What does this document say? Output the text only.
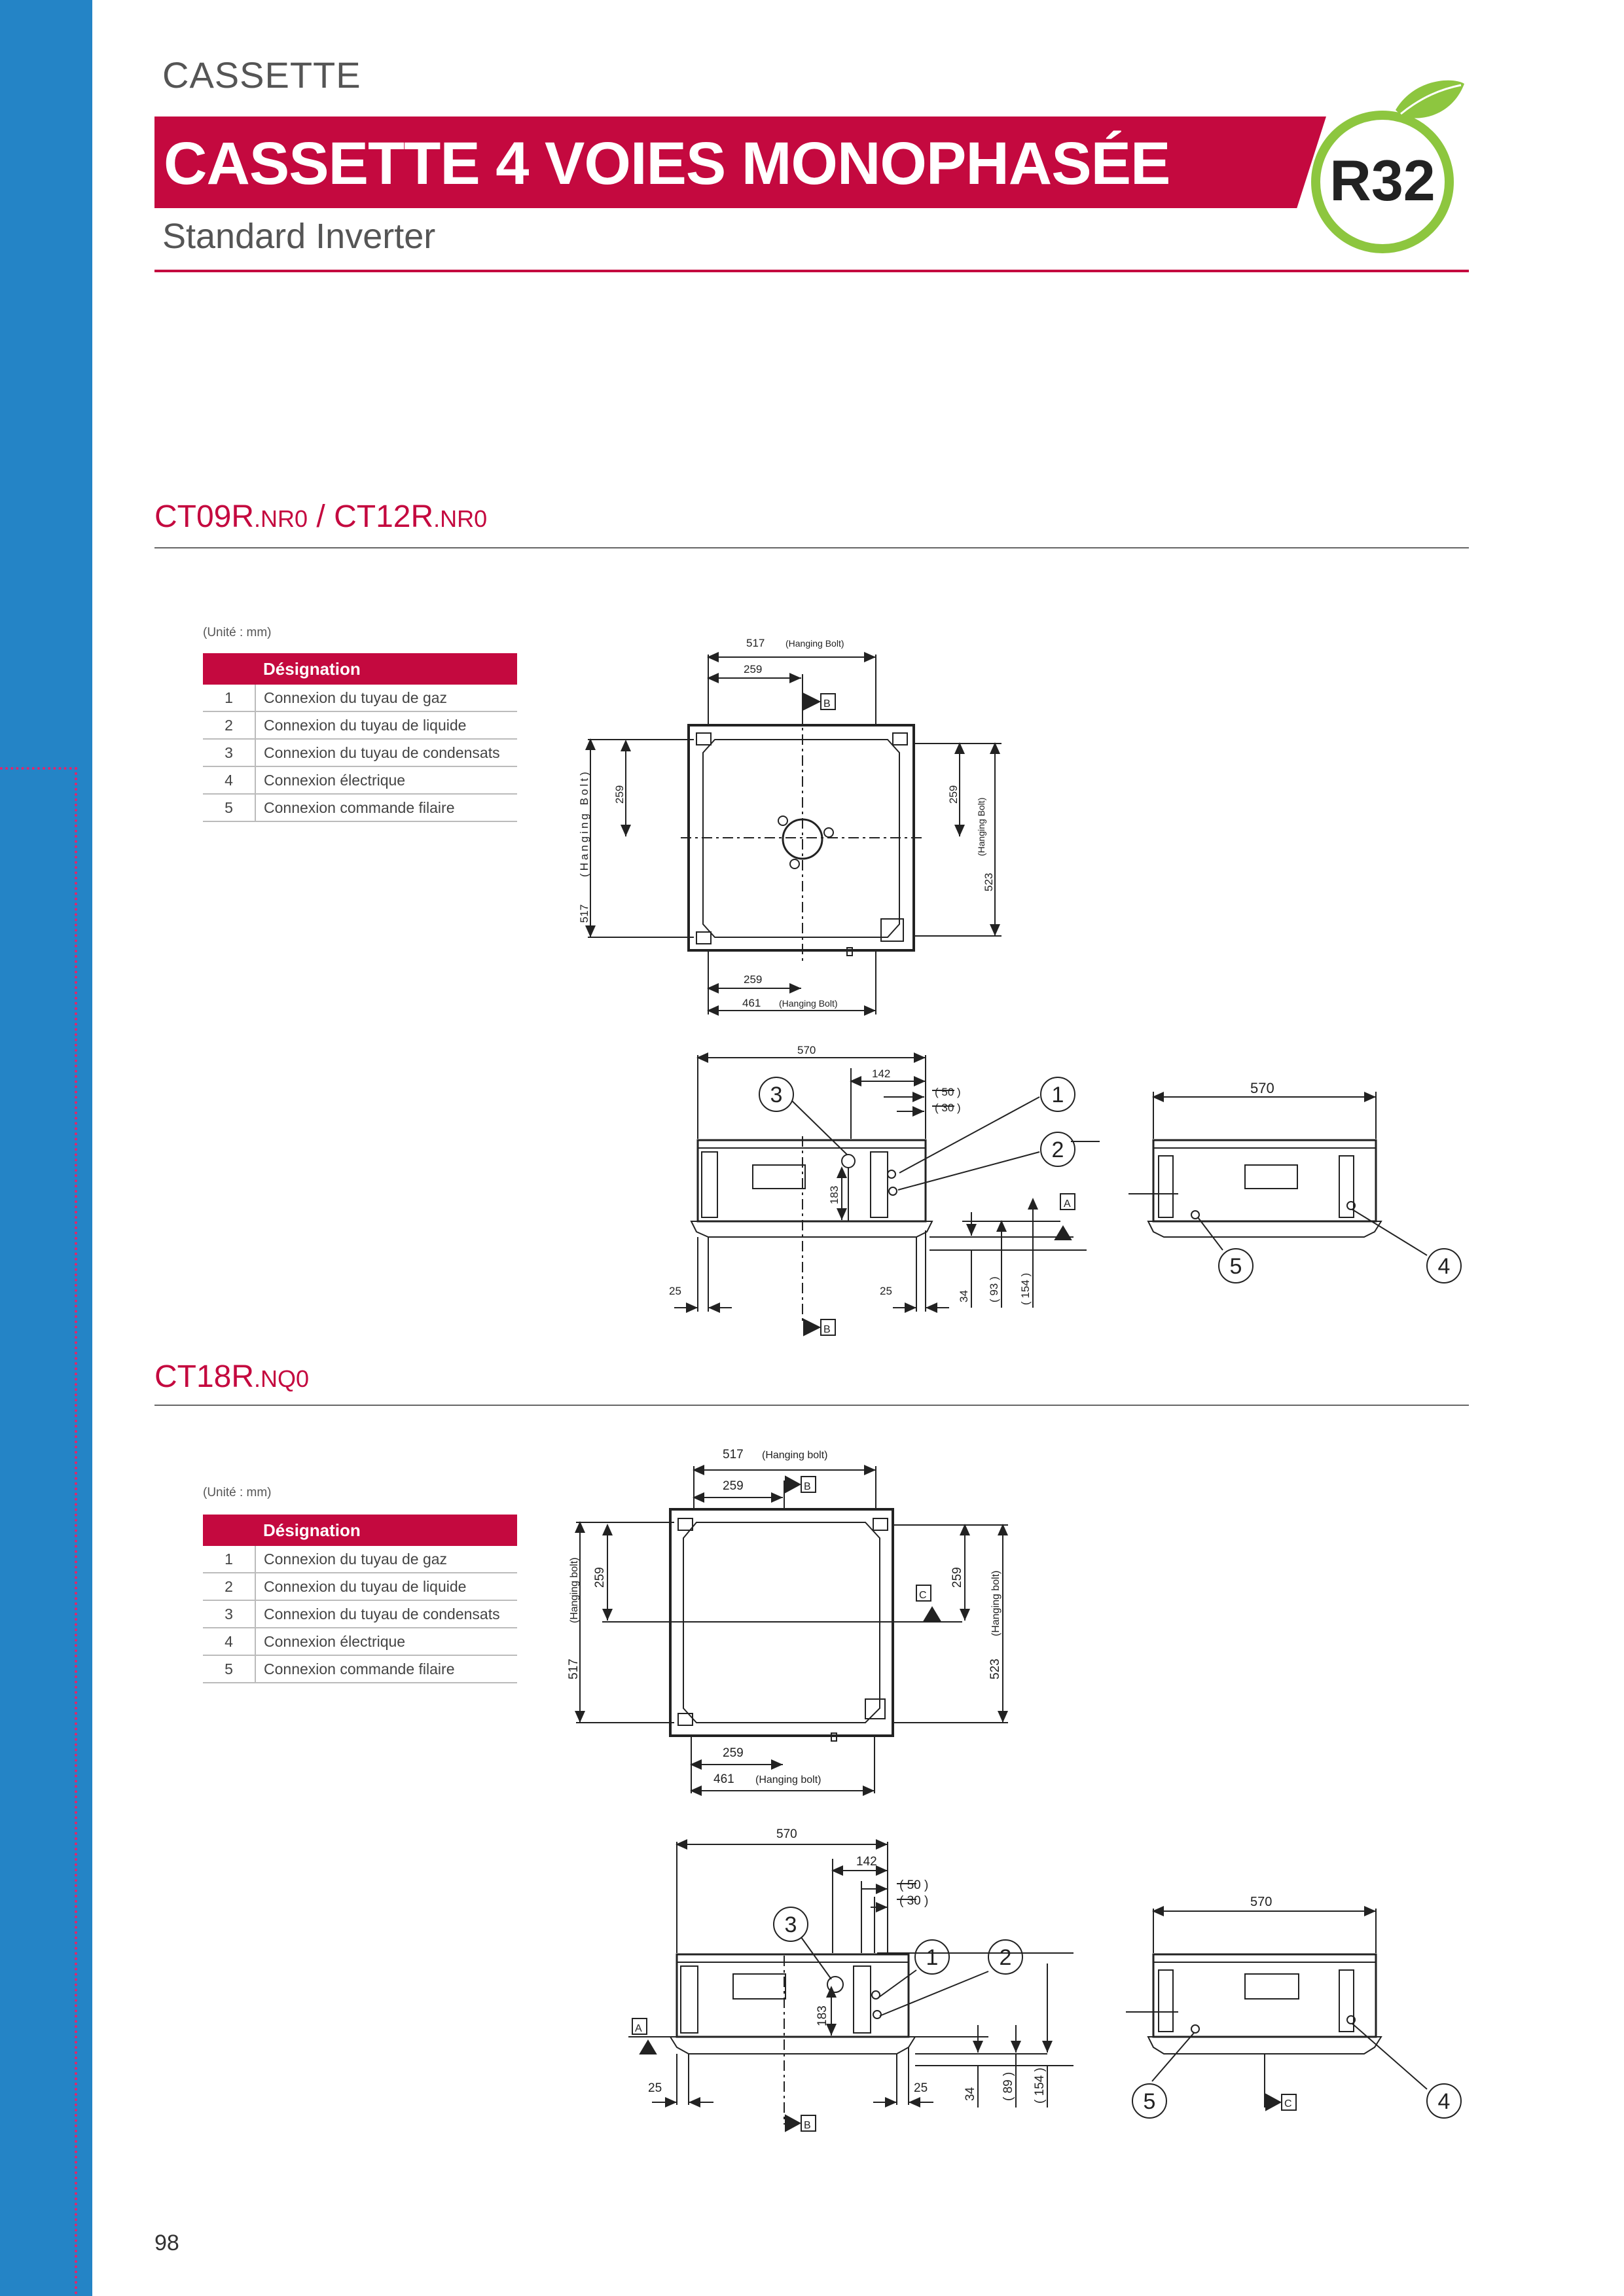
CASSETTE
CASSETTE 4 VOIES MONOPHASÉE
Standard Inverter
R32
CT09R.NR0 / CT12R.NR0
(Unité : mm)
	Désignation
1	Connexion du tuyau de gaz
2	Connexion du tuyau de liquide
3	Connexion du tuyau de condensats
4	Connexion électrique
5	Connexion commande filaire
CT18R.NQ0
(Unité : mm)
	Désignation
1	Connexion du tuyau de gaz
2	Connexion du tuyau de liquide
3	Connexion du tuyau de condensats
4	Connexion électrique
5	Connexion commande filaire
517 (Hanging Bolt)
259
B
517
(Hanging Bolt) 259	259
(Hanging Bolt)
523
259
461 (Hanging Bolt)
570
142
( 50 )
( 30 )
183
25	25	34 ( 93 ) ( 154 )
A
B
3	1
2
570
5	4
517 (Hanging bolt)
259	B
517
(Hanging bolt) 259	259	(Hanging bolt)
523
C
259
461 (Hanging bolt)
570
142
( 50 )
( 30 )
183
25	25	34 ( 89 ) ( 154 )
A
B
3
1	2
570
C
5	4
98
